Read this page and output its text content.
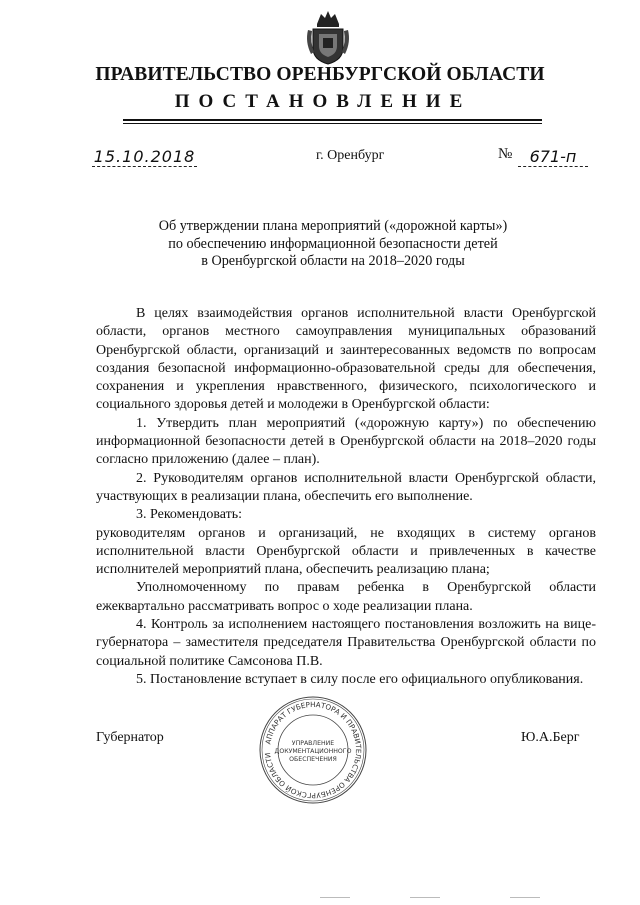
ПРАВИТЕЛЬСТВО ОРЕНБУРГСКОЙ ОБЛАСТИ
ПОСТАНОВЛЕНИЕ
15.10.2018	г. Оренбург	№	671-п
Об утверждении плана мероприятий («дорожной карты»)
по обеспечению информационной безопасности детей
в Оренбургской области на 2018–2020 годы

В целях взаимодействия органов исполнительной власти Оренбургской области, органов местного самоуправления муниципальных образований Оренбургской области, организаций и заинтересованных ведомств по вопросам создания безопасной информационно-образовательной среды для обеспечения, сохранения и укрепления нравственного, физического, психологического и социального здоровья детей и молодежи в Оренбургской области:

1. Утвердить план мероприятий («дорожную карту») по обеспечению информационной безопасности детей в Оренбургской области на 2018–2020 годы согласно приложению (далее – план).

2. Руководителям органов исполнительной власти Оренбургской области, участвующих в реализации плана, обеспечить его выполнение.

3. Рекомендовать:

руководителям органов и организаций, не входящих в систему органов исполнительной власти Оренбургской области и привлеченных в качестве исполнителей мероприятий плана, обеспечить реализацию плана;

Уполномоченному по правам ребенка в Оренбургской области ежеквартально рассматривать вопрос о ходе реализации плана.

4. Контроль за исполнением настоящего постановления возложить на вице-губернатора – заместителя председателя Правительства Оренбургской области по социальной политике Самсонова П.В.

5. Постановление вступает в силу после его официального опубликования.

Губернатор	Ю.А.Берг
АППАРАТ ГУБЕРНАТОРА И ПРАВИТЕЛЬСТВА ОРЕНБУРГСКОЙ ОБЛАСТИ
УПРАВЛЕНИЕ
ДОКУМЕНТАЦИОННОГО
ОБЕСПЕЧЕНИЯ
